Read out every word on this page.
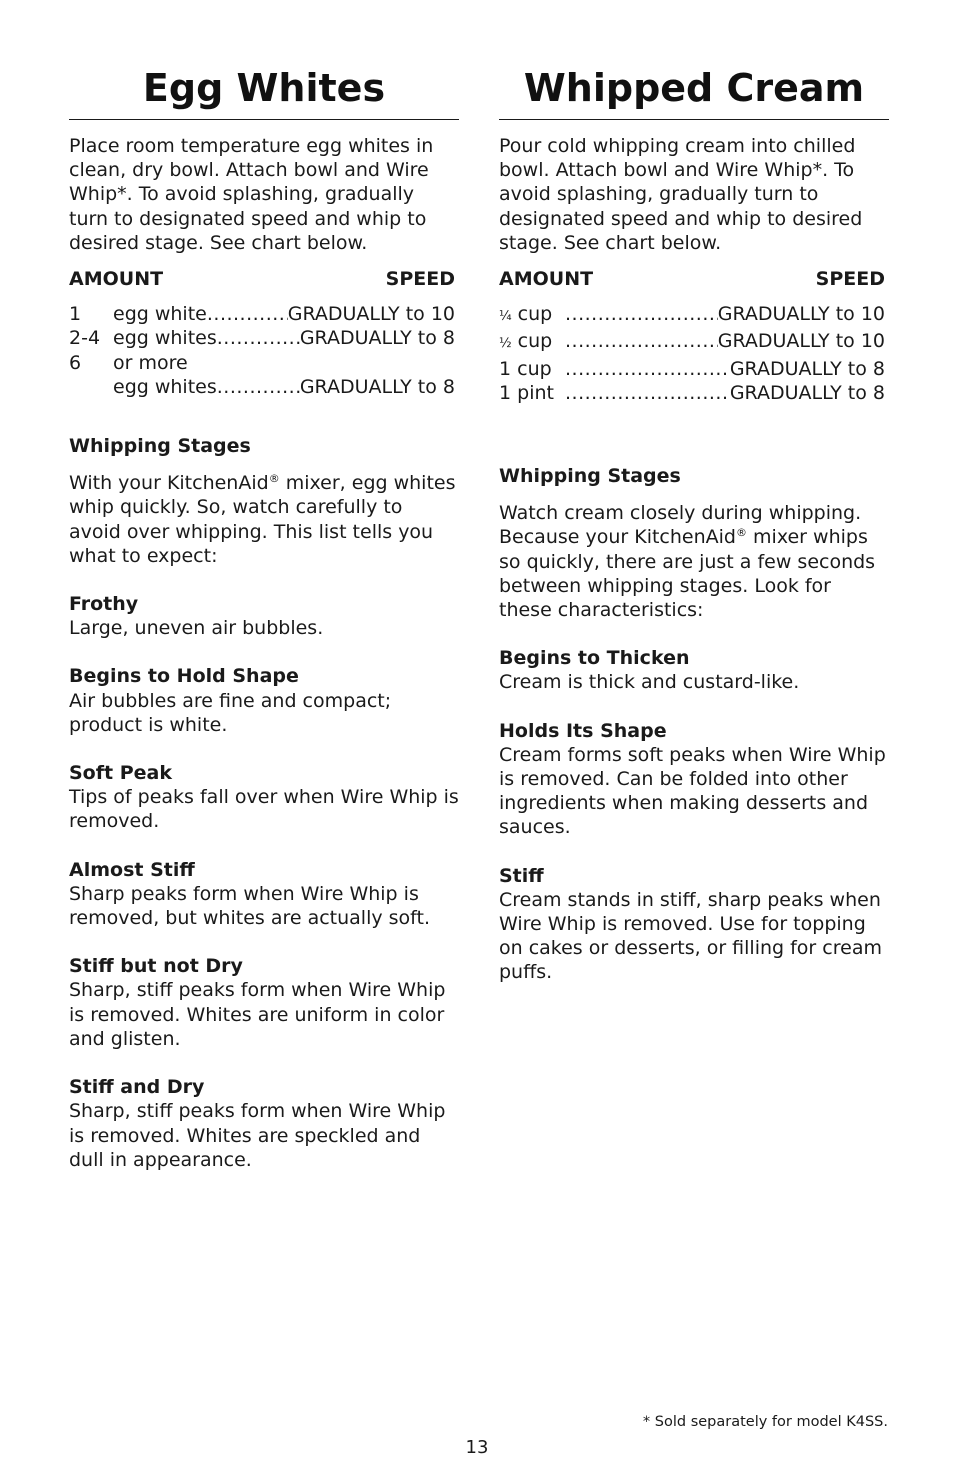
Egg Whites

Place room temperature egg whites in clean, dry bowl. Attach bowl and Wire Whip*. To avoid splashing, gradually turn to designated speed and whip to desired stage. See chart below.

AMOUNT	SPEED
1	egg white .....	GRADUALLY to 10
2-4 egg whites .....	GRADUALLY to 8
6	or more
egg whites .....	GRADUALLY to 8
Whipping Stages

With your KitchenAid® mixer, egg whites whip quickly. So, watch carefully to avoid over whipping. This list tells you what to expect:

Frothy

Large, uneven air bubbles.

Begins to Hold Shape

Air bubbles are fine and compact; product is white.

Soft Peak

Tips of peaks fall over when Wire Whip is removed.

Almost Stiff

Sharp peaks form when Wire Whip is removed, but whites are actually soft.

Stiff but not Dry

Sharp, stiff peaks form when Wire Whip is removed. Whites are uniform in color and glisten.

Stiff and Dry

Sharp, stiff peaks form when Wire Whip is removed. Whites are speckled and dull in appearance.

Whipped Cream

Pour cold whipping cream into chilled bowl. Attach bowl and Wire Whip*. To avoid splashing, gradually turn to designated speed and whip to desired stage. See chart below.

AMOUNT	SPEED
¼ cup .....	GRADUALLY to 10
½ cup .....	GRADUALLY to 10
1 cup .....	GRADUALLY to 8
1 pint .....	GRADUALLY to 8
Whipping Stages

Watch cream closely during whipping. Because your KitchenAid® mixer whips so quickly, there are just a few seconds between whipping stages. Look for these characteristics:

Begins to Thicken

Cream is thick and custard-like.

Holds Its Shape

Cream forms soft peaks when Wire Whip is removed. Can be folded into other ingredients when making desserts and sauces.

Stiff

Cream stands in stiff, sharp peaks when Wire Whip is removed. Use for topping on cakes or desserts, or filling for cream puffs.

* Sold separately for model K4SS.
13
